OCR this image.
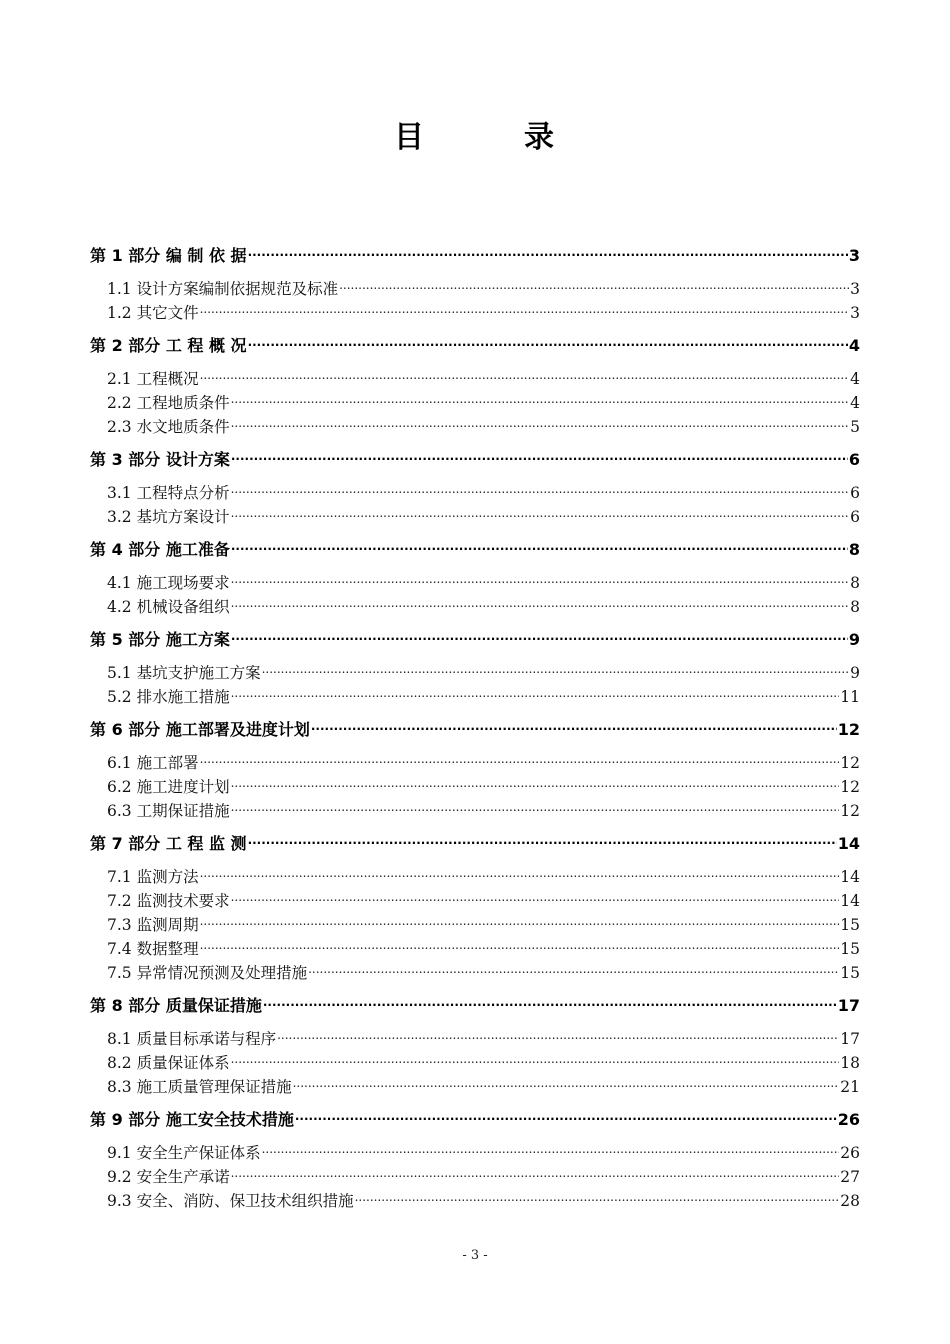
目	录
第 1 部分 编 制 依 据 .....	3
1.1 设计方案编制依据规范及标准 .....	3
1.2 其它文件 .....	3
第 2 部分 工 程 概 况 .....	4
2.1 工程概况 .....	4
2.2 工程地质条件 .....	4
2.3 水文地质条件 .....	5
第 3 部分 设计方案 .....	6
3.1 工程特点分析 .....	6
3.2 基坑方案设计 .....	6
第 4 部分 施工准备 .....	8
4.1 施工现场要求 .....	8
4.2 机械设备组织 .....	8
第 5 部分 施工方案 .....	9
5.1 基坑支护施工方案 .....	9
5.2 排水施工措施 .....	11
第 6 部分 施工部署及进度计划 .....	12
6.1 施工部署 .....	12
6.2 施工进度计划 .....	12
6.3 工期保证措施 .....	12
第 7 部分 工 程 监 测 .....	14
7.1 监测方法 .....	14
7.2 监测技术要求 .....	14
7.3 监测周期 .....	15
7.4 数据整理 .....	15
7.5 异常情况预测及处理措施 .....	15
第 8 部分 质量保证措施 .....	17
8.1 质量目标承诺与程序 .....	17
8.2 质量保证体系 .....	18
8.3 施工质量管理保证措施 .....	21
第 9 部分 施工安全技术措施 .....	26
9.1 安全生产保证体系 .....	26
9.2 安全生产承诺 .....	27
9.3 安全、消防、保卫技术组织措施 .....	28
- 3 -
